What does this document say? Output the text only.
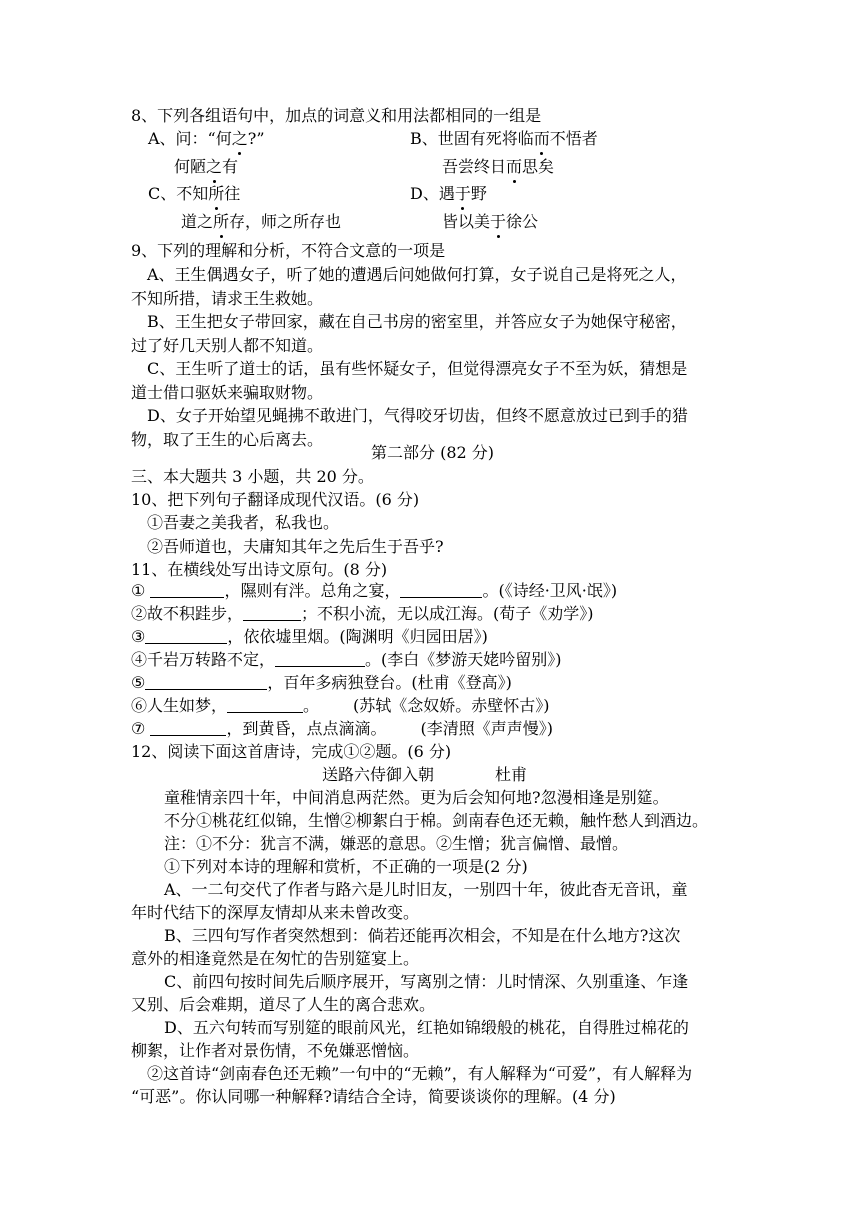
8、下列各组语句中，加点的词意义和用法都相同的一组是
A、问：“何之?”	B、世固有死将临而不悟者
何陋之有	吾尝终日而思矣
C、不知所往	D、遇于野
道之所存，师之所存也	皆以美于徐公
9、下列的理解和分析，不符合文意的一项是
A、王生偶遇女子，听了她的遭遇后问她做何打算，女子说自己是将死之人，
不知所措，请求王生救她。
B、王生把女子带回家，藏在自己书房的密室里，并答应女子为她保守秘密，
过了好几天别人都不知道。
C、王生听了道士的话，虽有些怀疑女子，但觉得漂亮女子不至为妖，猜想是
道士借口驱妖来骗取财物。
D、女子开始望见蝇拂不敢进门，气得咬牙切齿，但终不愿意放过已到手的猎
物，取了王生的心后离去。
第二部分 (82 分)
三、本大题共 3 小题，共 20 分。
10、把下列句子翻译成现代汉语。(6 分)
①吾妻之美我者，私我也。
②吾师道也，夫庸知其年之先后生于吾乎?
11、在横线处写出诗文原句。(8 分)
①	，隰则有泮。总角之宴，	。(《诗经·卫风·氓》)
②故不积跬步，	；不积小流，无以成江海。(荀子《劝学》)
③	，依依墟里烟。(陶渊明《归园田居》)
④千岩万转路不定，	。(李白《梦游天姥吟留别》)
⑤	，百年多病独登台。(杜甫《登高》)
⑥人生如梦，	。 (苏轼《念奴娇。赤壁怀古》)
⑦	，到黄昏，点点滴滴。 (李清照《声声慢》)
12、阅读下面这首唐诗，完成①②题。(6 分)
送路六侍御入朝	杜甫
童稚情亲四十年，中间消息两茫然。更为后会知何地?忽漫相逢是别筵。
不分①桃花红似锦，生憎②柳絮白于棉。剑南春色还无赖，触忤愁人到酒边。
注：①不分：犹言不满，嫌恶的意思。②生憎；犹言偏憎、最憎。
①下列对本诗的理解和赏析，不正确的一项是(2 分)
A、一二句交代了作者与路六是儿时旧友，一别四十年，彼此杳无音讯，童
年时代结下的深厚友情却从来未曾改变。
B、三四句写作者突然想到：倘若还能再次相会，不知是在什么地方?这次
意外的相逢竟然是在匆忙的告别筵宴上。
C、前四句按时间先后顺序展开，写离别之情：儿时情深、久别重逢、乍逢
又别、后会难期，道尽了人生的离合悲欢。
D、五六句转而写别筵的眼前风光，红艳如锦缎般的桃花，自得胜过棉花的
柳絮，让作者对景伤情，不免嫌恶憎恼。
②这首诗“剑南春色还无赖”一句中的“无赖”，有人解释为“可爱”，有人解释为
“可恶”。你认同哪一种解释?请结合全诗，简要谈谈你的理解。(4 分)
